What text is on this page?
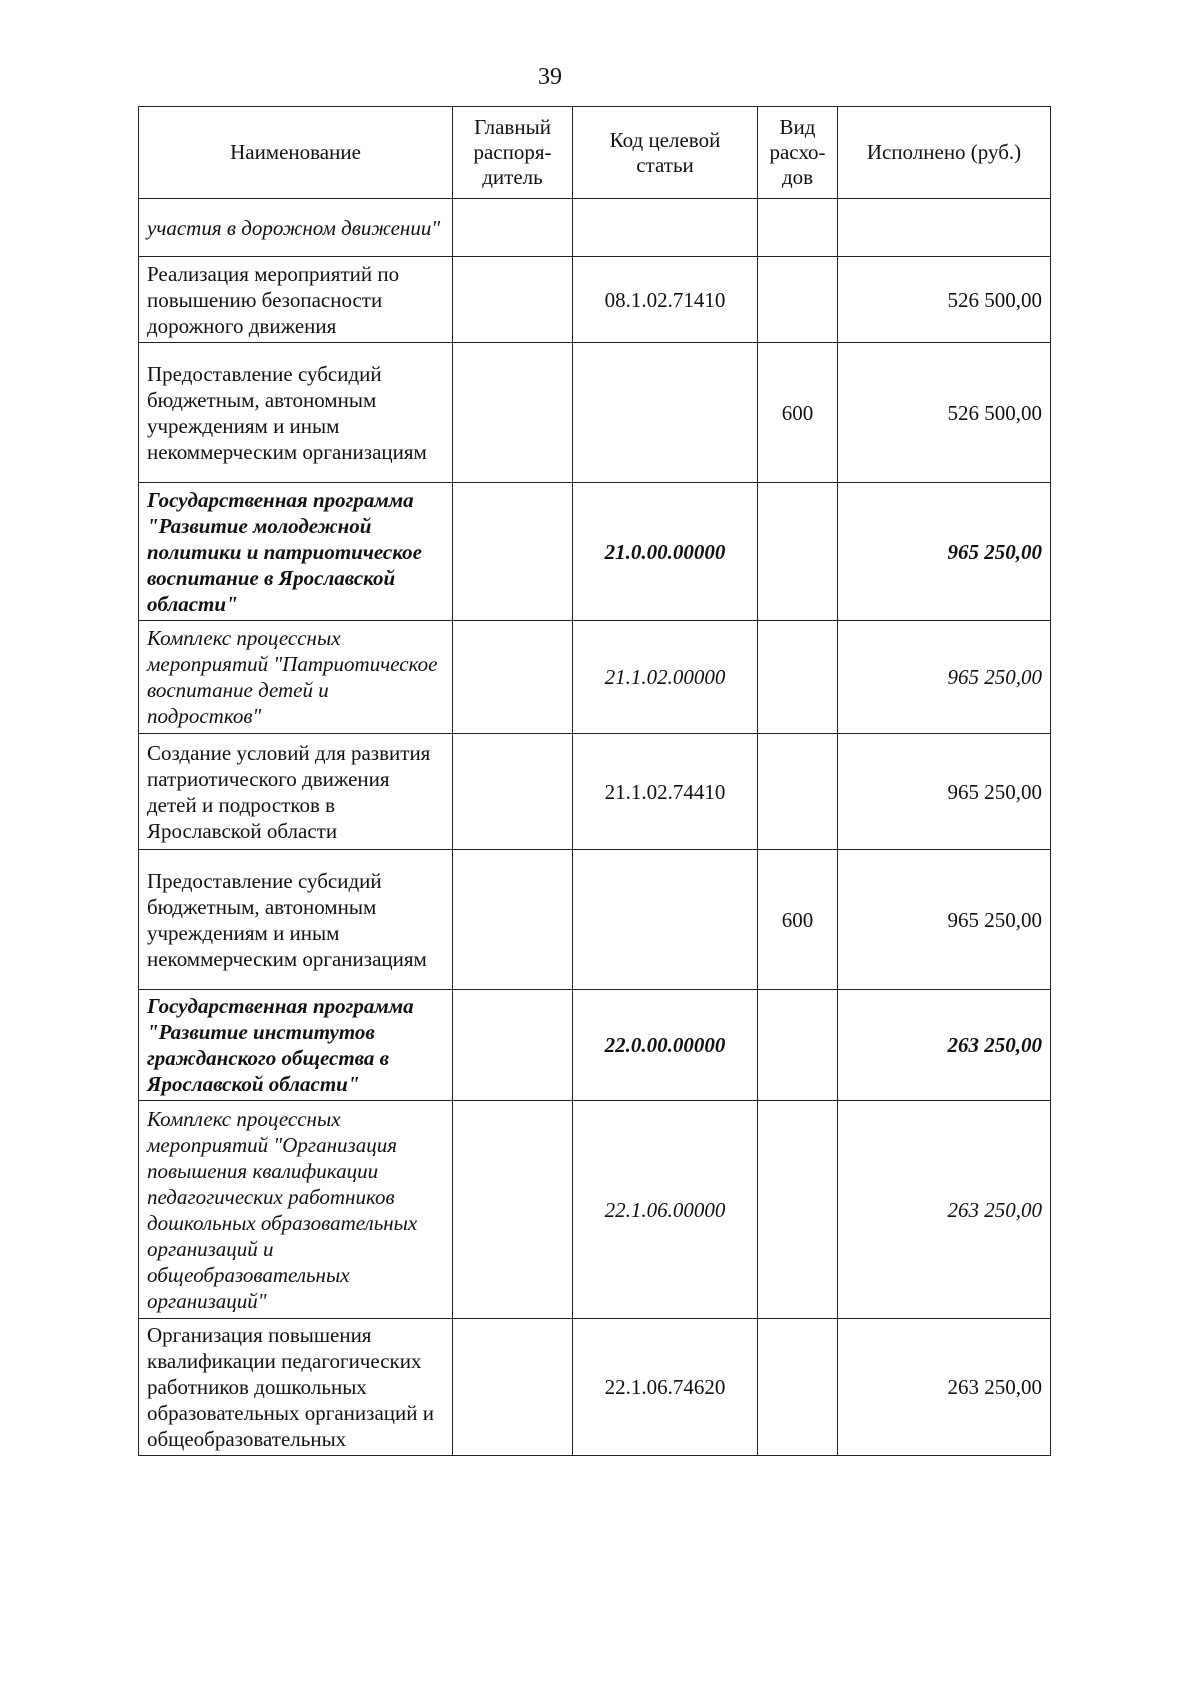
39
Наименование	Главный распоря-дитель	Код целевой статьи	Вид расхо-дов	Исполнено (руб.)
участия в дорожном движении"				
Реализация мероприятий по повышению безопасности дорожного движения		08.1.02.71410		526 500,00
Предоставление субсидий бюджетным, автономным учреждениям и иным некоммерческим организациям			600	526 500,00
Государственная программа "Развитие молодежной политики и патриотическое воспитание в Ярославской области"		21.0.00.00000		965 250,00
Комплекс процессных мероприятий "Патриотическое воспитание детей и подростков"		21.1.02.00000		965 250,00
Создание условий для развития патриотического движения детей и подростков в Ярославской области		21.1.02.74410		965 250,00
Предоставление субсидий бюджетным, автономным учреждениям и иным некоммерческим организациям			600	965 250,00
Государственная программа "Развитие институтов гражданского общества в Ярославской области"		22.0.00.00000		263 250,00
Комплекс процессных мероприятий "Организация повышения квалификации педагогических работников дошкольных образовательных организаций и общеобразовательных организаций"		22.1.06.00000		263 250,00
Организация повышения квалификации педагогических работников дошкольных образовательных организаций и общеобразовательных		22.1.06.74620		263 250,00
